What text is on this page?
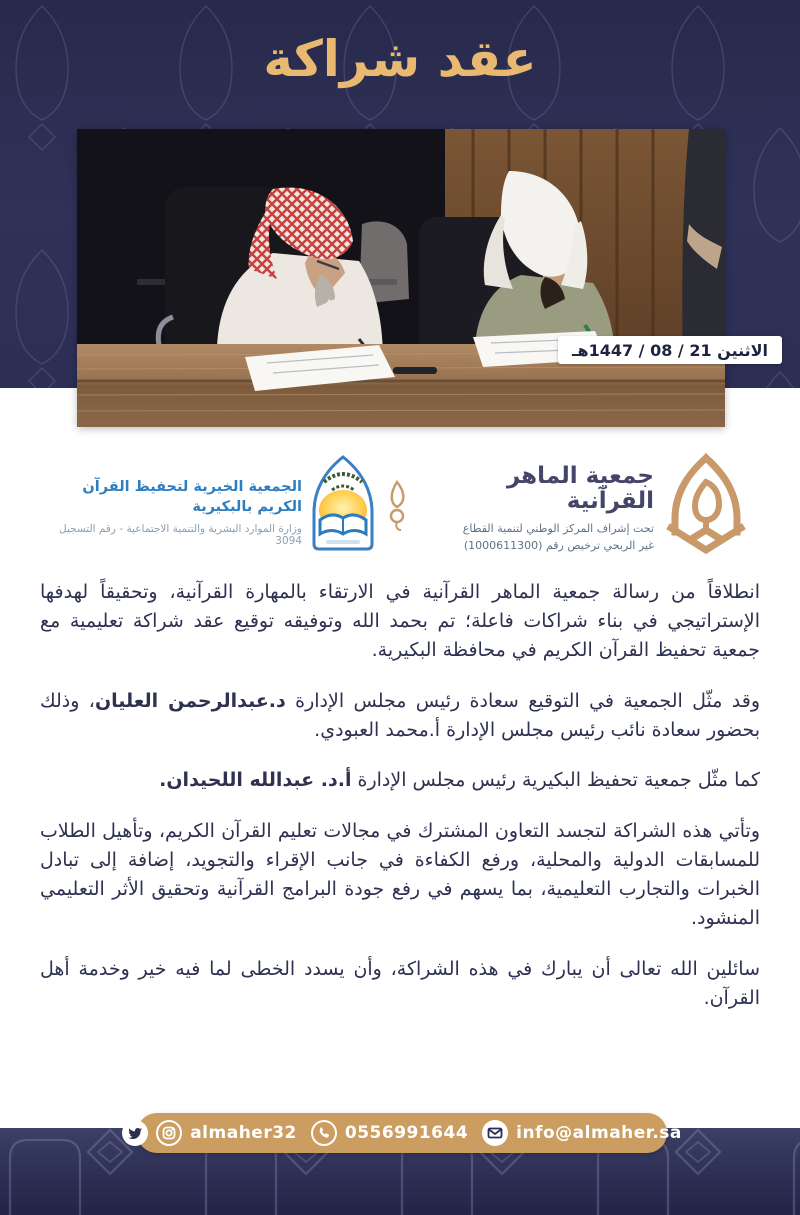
عقد شراكة
الاثنين 21 / 08 / 1447هـ
جمعية الماهر القرآنية
تحت إشراف المركز الوطني لتنمية القطاع
غير الربحي ترخيص رقم (1000611300)
الجمعية الخيرية لتحفيظ القرآن الكريم بالبكيرية
وزارة الموارد البشرية والتنمية الاجتماعية - رقم التسجيل 3094

انطلاقاً من رسالة جمعية الماهر القرآنية في الارتقاء بالمهارة القرآنية، وتحقيقاً لهدفها الإستراتيجي في بناء شراكات فاعلة؛ تم بحمد الله وتوفيقه توقيع عقد شراكة تعليمية مع جمعية تحفيظ القرآن الكريم في محافظة البكيرية.

وقد مثّل الجمعية في التوقيع سعادة رئيس مجلس الإدارة د.عبدالرحمن العليان، وذلك بحضور سعادة نائب رئيس مجلس الإدارة أ.محمد العبودي.

كما مثّل جمعية تحفيظ البكيرية رئيس مجلس الإدارة أ.د. عبدالله اللحيدان.

وتأتي هذه الشراكة لتجسد التعاون المشترك في مجالات تعليم القرآن الكريم، وتأهيل الطلاب للمسابقات الدولية والمحلية، ورفع الكفاءة في جانب الإقراء والتجويد، إضافة إلى تبادل الخبرات والتجارب التعليمية، بما يسهم في رفع جودة البرامج القرآنية وتحقيق الأثر التعليمي المنشود.

سائلين الله تعالى أن يبارك في هذه الشراكة، وأن يسدد الخطى لما فيه خير وخدمة أهل القرآن.

almaher32	0556991644	info@almaher.sa
